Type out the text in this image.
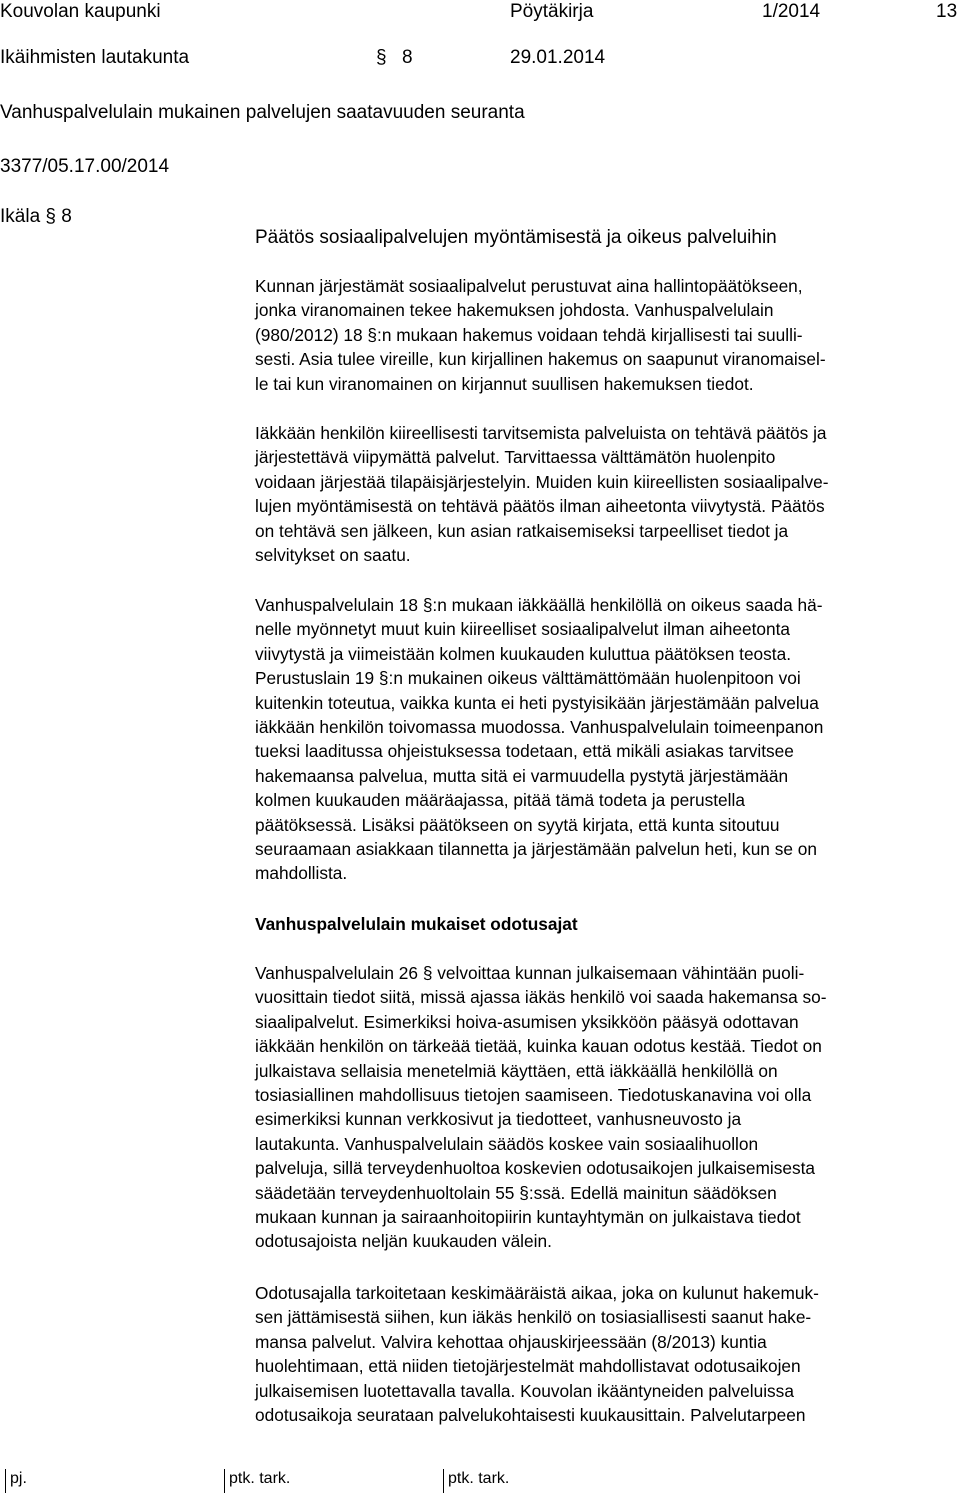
Kouvolan kaupunki	Pöytäkirja	1/2014	13
Ikäihmisten lautakunta	§ 8	29.01.2014
Vanhuspalvelulain mukainen palvelujen saatavuuden seuranta
3377/05.17.00/2014
Ikäla § 8
Päätös sosiaalipalvelujen myöntämisestä ja oikeus palveluihin
Kunnan järjestämät sosiaalipalvelut perustuvat aina hallintopäätökseen,
jonka viranomainen tekee hakemuksen johdosta. Vanhuspalvelulain
(980/2012) 18 §:n mukaan hakemus voidaan tehdä kirjallisesti tai suulli-
sesti. Asia tulee vireille, kun kirjallinen hakemus on saapunut viranomaisel-
le tai kun viranomainen on kirjannut suullisen hakemuksen tiedot.
Iäkkään henkilön kiireellisesti tarvitsemista palveluista on tehtävä päätös ja
järjestettävä viipymättä palvelut. Tarvittaessa välttämätön huolenpito
voidaan järjestää tilapäisjärjestelyin. Muiden kuin kiireellisten sosiaalipalve-
lujen myöntämisestä on tehtävä päätös ilman aiheetonta viivytystä. Päätös
on tehtävä sen jälkeen, kun asian ratkaisemiseksi tarpeelliset tiedot ja
selvitykset on saatu.
Vanhuspalvelulain 18 §:n mukaan iäkkäällä henkilöllä on oikeus saada hä-
nelle myönnetyt muut kuin kiireelliset sosiaalipalvelut ilman aiheetonta
viivytystä ja viimeistään kolmen kuukauden kuluttua päätöksen teosta.
Perustuslain 19 §:n mukainen oikeus välttämättömään huolenpitoon voi
kuitenkin toteutua, vaikka kunta ei heti pystyisikään järjestämään palvelua
iäkkään henkilön toivomassa muodossa. Vanhuspalvelulain toimeenpanon
tueksi laaditussa ohjeistuksessa todetaan, että mikäli asiakas tarvitsee
hakemaansa palvelua, mutta sitä ei varmuudella pystytä järjestämään
kolmen kuukauden määräajassa, pitää tämä todeta ja perustella
päätöksessä. Lisäksi päätökseen on syytä kirjata, että kunta sitoutuu
seuraamaan asiakkaan tilannetta ja järjestämään palvelun heti, kun se on
mahdollista.
Vanhuspalvelulain mukaiset odotusajat
Vanhuspalvelulain 26 § velvoittaa kunnan julkaisemaan vähintään puoli-
vuosittain tiedot siitä, missä ajassa iäkäs henkilö voi saada hakemansa so-
siaalipalvelut. Esimerkiksi hoiva-asumisen yksikköön pääsyä odottavan
iäkkään henkilön on tärkeää tietää, kuinka kauan odotus kestää. Tiedot on
julkaistava sellaisia menetelmiä käyttäen, että iäkkäällä henkilöllä on
tosiasiallinen mahdollisuus tietojen saamiseen. Tiedotuskanavina voi olla
esimerkiksi kunnan verkkosivut ja tiedotteet, vanhusneuvosto ja
lautakunta. Vanhuspalvelulain säädös koskee vain sosiaalihuollon
palveluja, sillä terveydenhuoltoa koskevien odotusaikojen julkaisemisesta
säädetään terveydenhuoltolain 55 §:ssä. Edellä mainitun säädöksen
mukaan kunnan ja sairaanhoitopiirin kuntayhtymän on julkaistava tiedot
odotusajoista neljän kuukauden välein.
Odotusajalla tarkoitetaan keskimääräistä aikaa, joka on kulunut hakemuk-
sen jättämisestä siihen, kun iäkäs henkilö on tosiasiallisesti saanut hake-
mansa palvelut. Valvira kehottaa ohjauskirjeessään (8/2013) kuntia
huolehtimaan, että niiden tietojärjestelmät mahdollistavat odotusaikojen
julkaisemisen luotettavalla tavalla. Kouvolan ikääntyneiden palveluissa
odotusaikoja seurataan palvelukohtaisesti kuukausittain. Palvelutarpeen
pj.	ptk. tark.	ptk. tark.
